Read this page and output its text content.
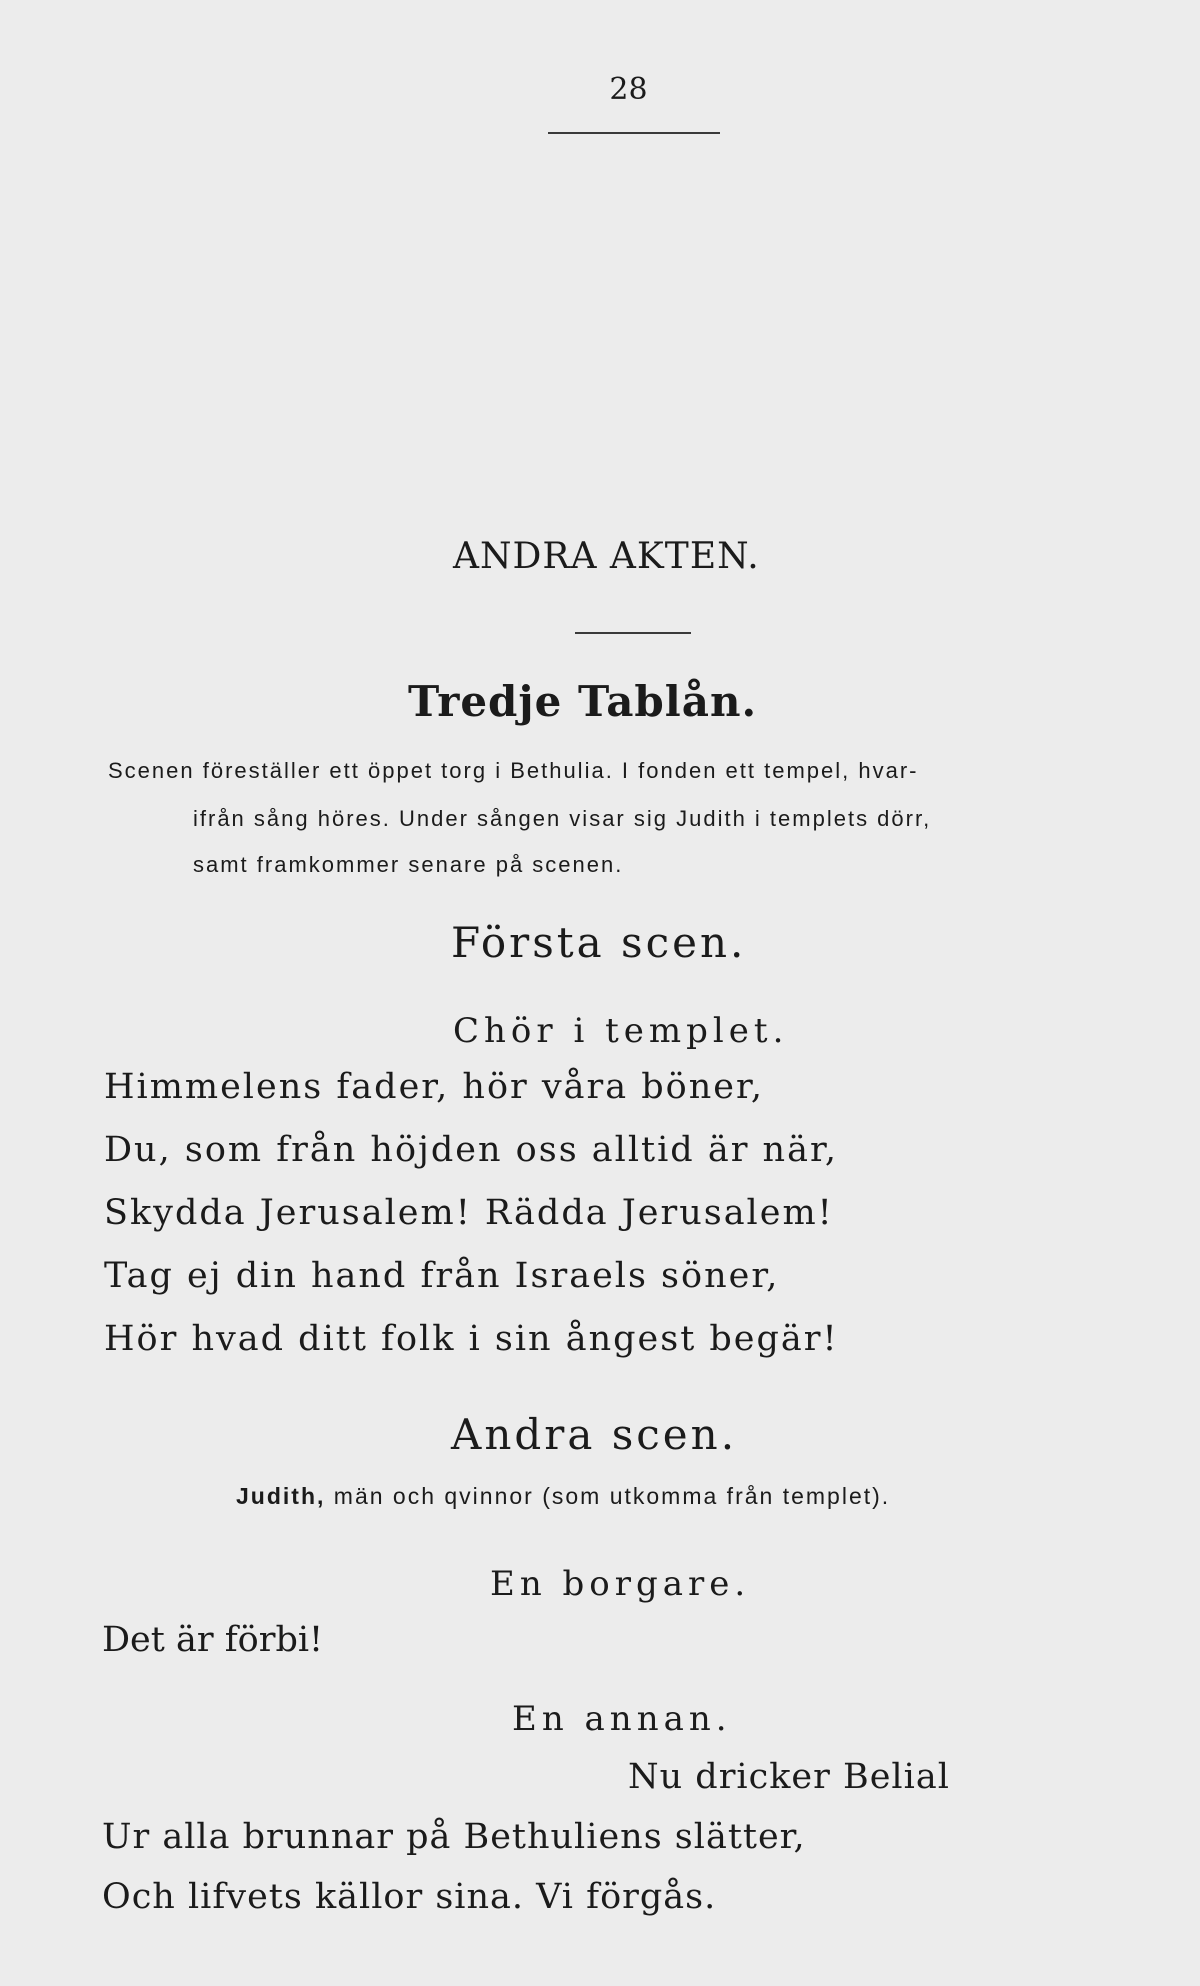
28
ANDRA AKTEN.
Tredje Tablån.
Scenen föreställer ett öppet torg i Bethulia. I fonden ett tempel, hvar-
ifrån sång höres. Under sången visar sig Judith i templets dörr,
samt framkommer senare på scenen.
Första scen.
Chör i templet.
Himmelens fader, hör våra böner,
Du, som från höjden oss alltid är när,
Skydda Jerusalem! Rädda Jerusalem!
Tag ej din hand från Israels söner,
Hör hvad ditt folk i sin ångest begär!
Andra scen.
Judith, män och qvinnor (som utkomma från templet).
En borgare.
Det är förbi!
En annan.
Nu dricker Belial
Ur alla brunnar på Bethuliens slätter,
Och lifvets källor sina. Vi förgås.
